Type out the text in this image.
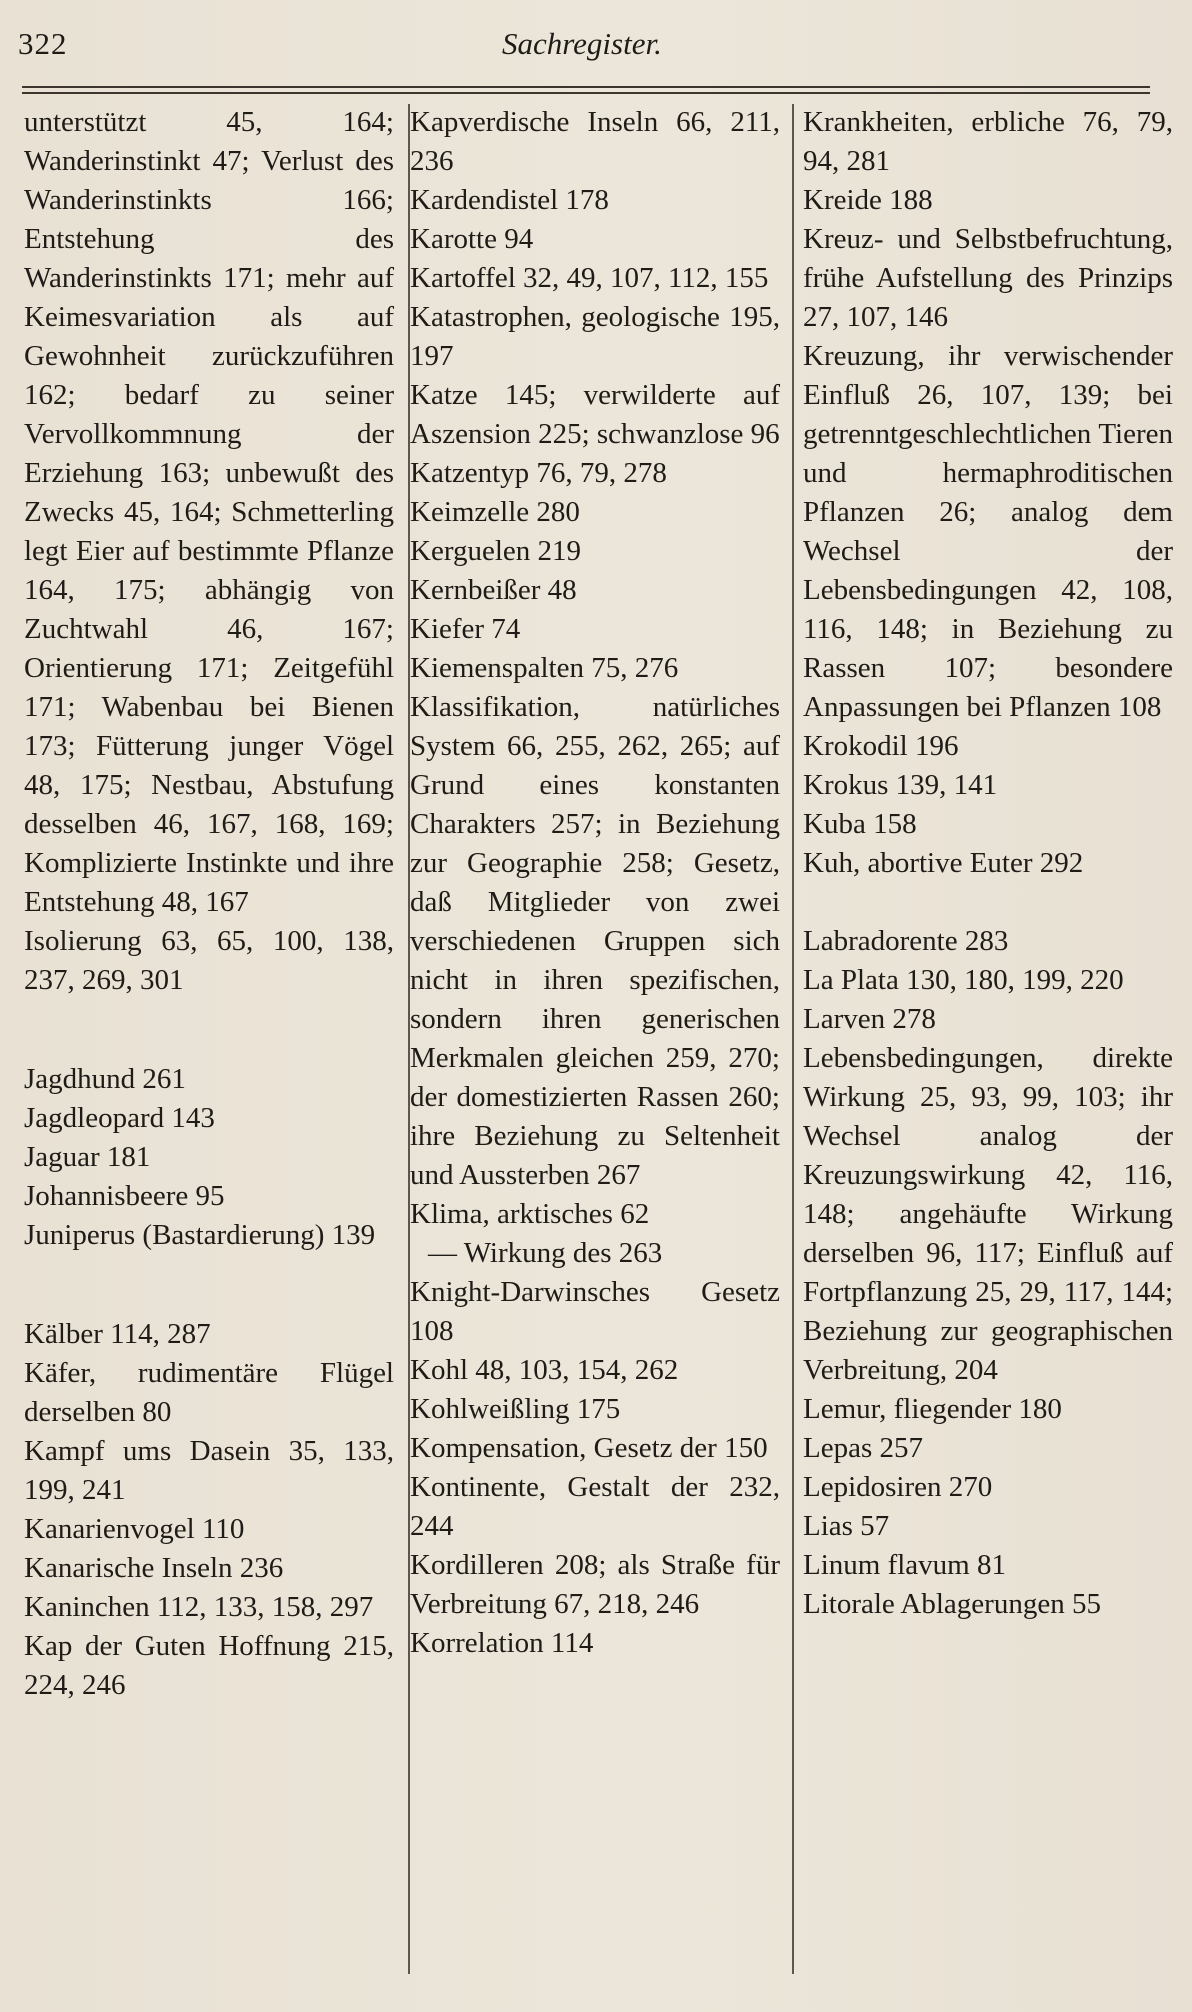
322	Sachregister.

unterstützt 45, 164; Wanderinstinkt 47; Verlust des Wanderinstinkts 166; Entstehung des Wanderinstinkts 171; mehr auf Keimesvariation als auf Gewohnheit zurückzuführen 162; bedarf zu seiner Vervollkommnung der Erziehung 163; unbewußt des Zwecks 45, 164; Schmetterling legt Eier auf bestimmte Pflanze 164, 175; abhängig von Zuchtwahl 46, 167; Orientierung 171; Zeitgefühl 171; Wabenbau bei Bienen 173; Fütterung junger Vögel 48, 175; Nestbau, Abstufung desselben 46, 167, 168, 169; Komplizierte Instinkte und ihre Entstehung 48, 167

Isolierung 63, 65, 100, 138, 237, 269, 301

Jagdhund 261

Jagdleopard 143

Jaguar 181

Johannisbeere 95

Juniperus (Bastardierung) 139

Kälber 114, 287

Käfer, rudimentäre Flügel derselben 80

Kampf ums Dasein 35, 133, 199, 241

Kanarienvogel 110

Kanarische Inseln 236

Kaninchen 112, 133, 158, 297

Kap der Guten Hoffnung 215, 224, 246

Kapverdische Inseln 66, 211, 236

Kardendistel 178

Karotte 94

Kartoffel 32, 49, 107, 112, 155

Katastrophen, geologische 195, 197

Katze 145; verwilderte auf Aszension 225; schwanzlose 96

Katzentyp 76, 79, 278

Keimzelle 280

Kerguelen 219

Kernbeißer 48

Kiefer 74

Kiemenspalten 75, 276

Klassifikation, natürliches System 66, 255, 262, 265; auf Grund eines konstanten Charakters 257; in Beziehung zur Geographie 258; Gesetz, daß Mitglieder von zwei verschiedenen Gruppen sich nicht in ihren spezifischen, sondern ihren generischen Merkmalen gleichen 259, 270; der domestizierten Rassen 260; ihre Beziehung zu Seltenheit und Aussterben 267

Klima, arktisches 62

— Wirkung des 263

Knight-Darwinsches Gesetz 108

Kohl 48, 103, 154, 262

Kohlweißling 175

Kompensation, Gesetz der 150

Kontinente, Gestalt der 232, 244

Kordilleren 208; als Straße für Verbreitung 67, 218, 246

Korrelation 114

Krankheiten, erbliche 76, 79, 94, 281

Kreide 188

Kreuz- und Selbstbefruchtung, frühe Aufstellung des Prinzips 27, 107, 146

Kreuzung, ihr verwischender Einfluß 26, 107, 139; bei getrenntgeschlechtlichen Tieren und hermaphroditischen Pflanzen 26; analog dem Wechsel der Lebensbedingungen 42, 108, 116, 148; in Beziehung zu Rassen 107; besondere Anpassungen bei Pflanzen 108

Krokodil 196

Krokus 139, 141

Kuba 158

Kuh, abortive Euter 292

Labradorente 283

La Plata 130, 180, 199, 220

Larven 278

Lebensbedingungen, direkte Wirkung 25, 93, 99, 103; ihr Wechsel analog der Kreuzungswirkung 42, 116, 148; angehäufte Wirkung derselben 96, 117; Einfluß auf Fortpflanzung 25, 29, 117, 144; Beziehung zur geographischen Verbreitung, 204

Lemur, fliegender 180

Lepas 257

Lepidosiren 270

Lias 57

Linum flavum 81

Litorale Ablagerungen 55
